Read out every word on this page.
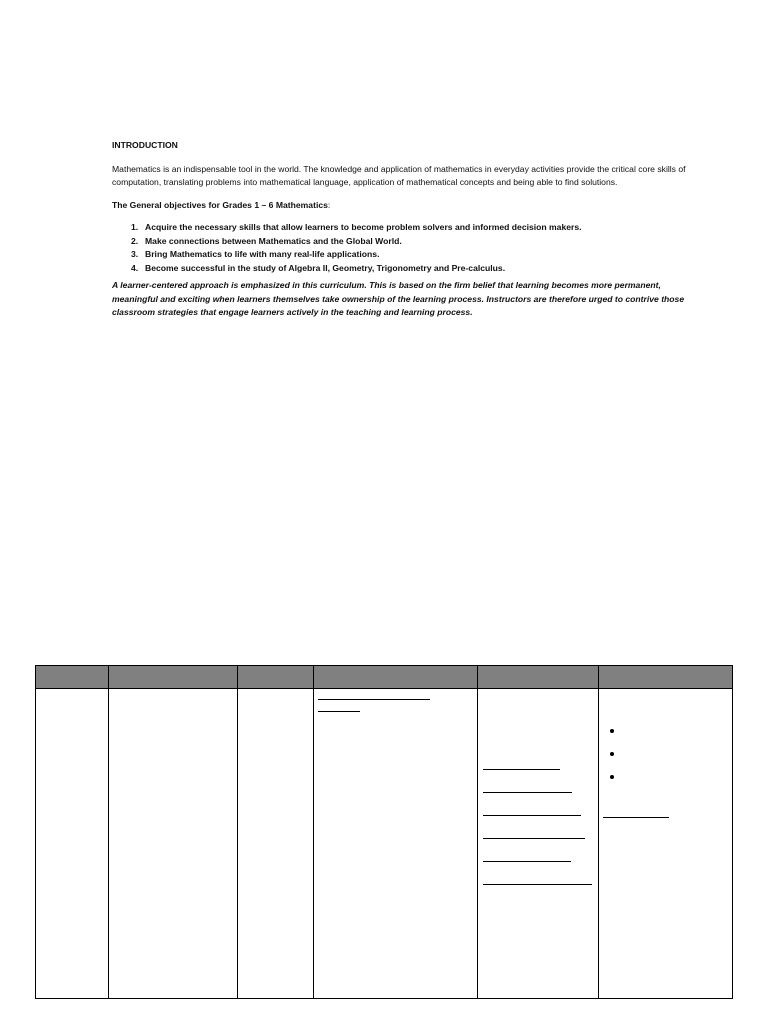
INTRODUCTION

Mathematics is an indispensable tool in the world. The knowledge and application of mathematics in everyday activities provide the critical core skills of computation, translating problems into mathematical language, application of mathematical concepts and being able to find solutions.

The General objectives for Grades 1 – 6 Mathematics:

1. Acquire the necessary skills that allow learners to become problem solvers and informed decision makers.
2. Make connections between Mathematics and the Global World.
3. Bring Mathematics to life with many real-life applications.
4. Become successful in the study of Algebra II, Geometry, Trigonometry and Pre-calculus.

A learner-centered approach is emphasized in this curriculum. This is based on the firm belief that learning becomes more permanent, meaningful and exciting when learners themselves take ownership of the learning process. Instructors are therefore urged to contrive those classroom strategies that engage learners actively in the teaching and learning process.
